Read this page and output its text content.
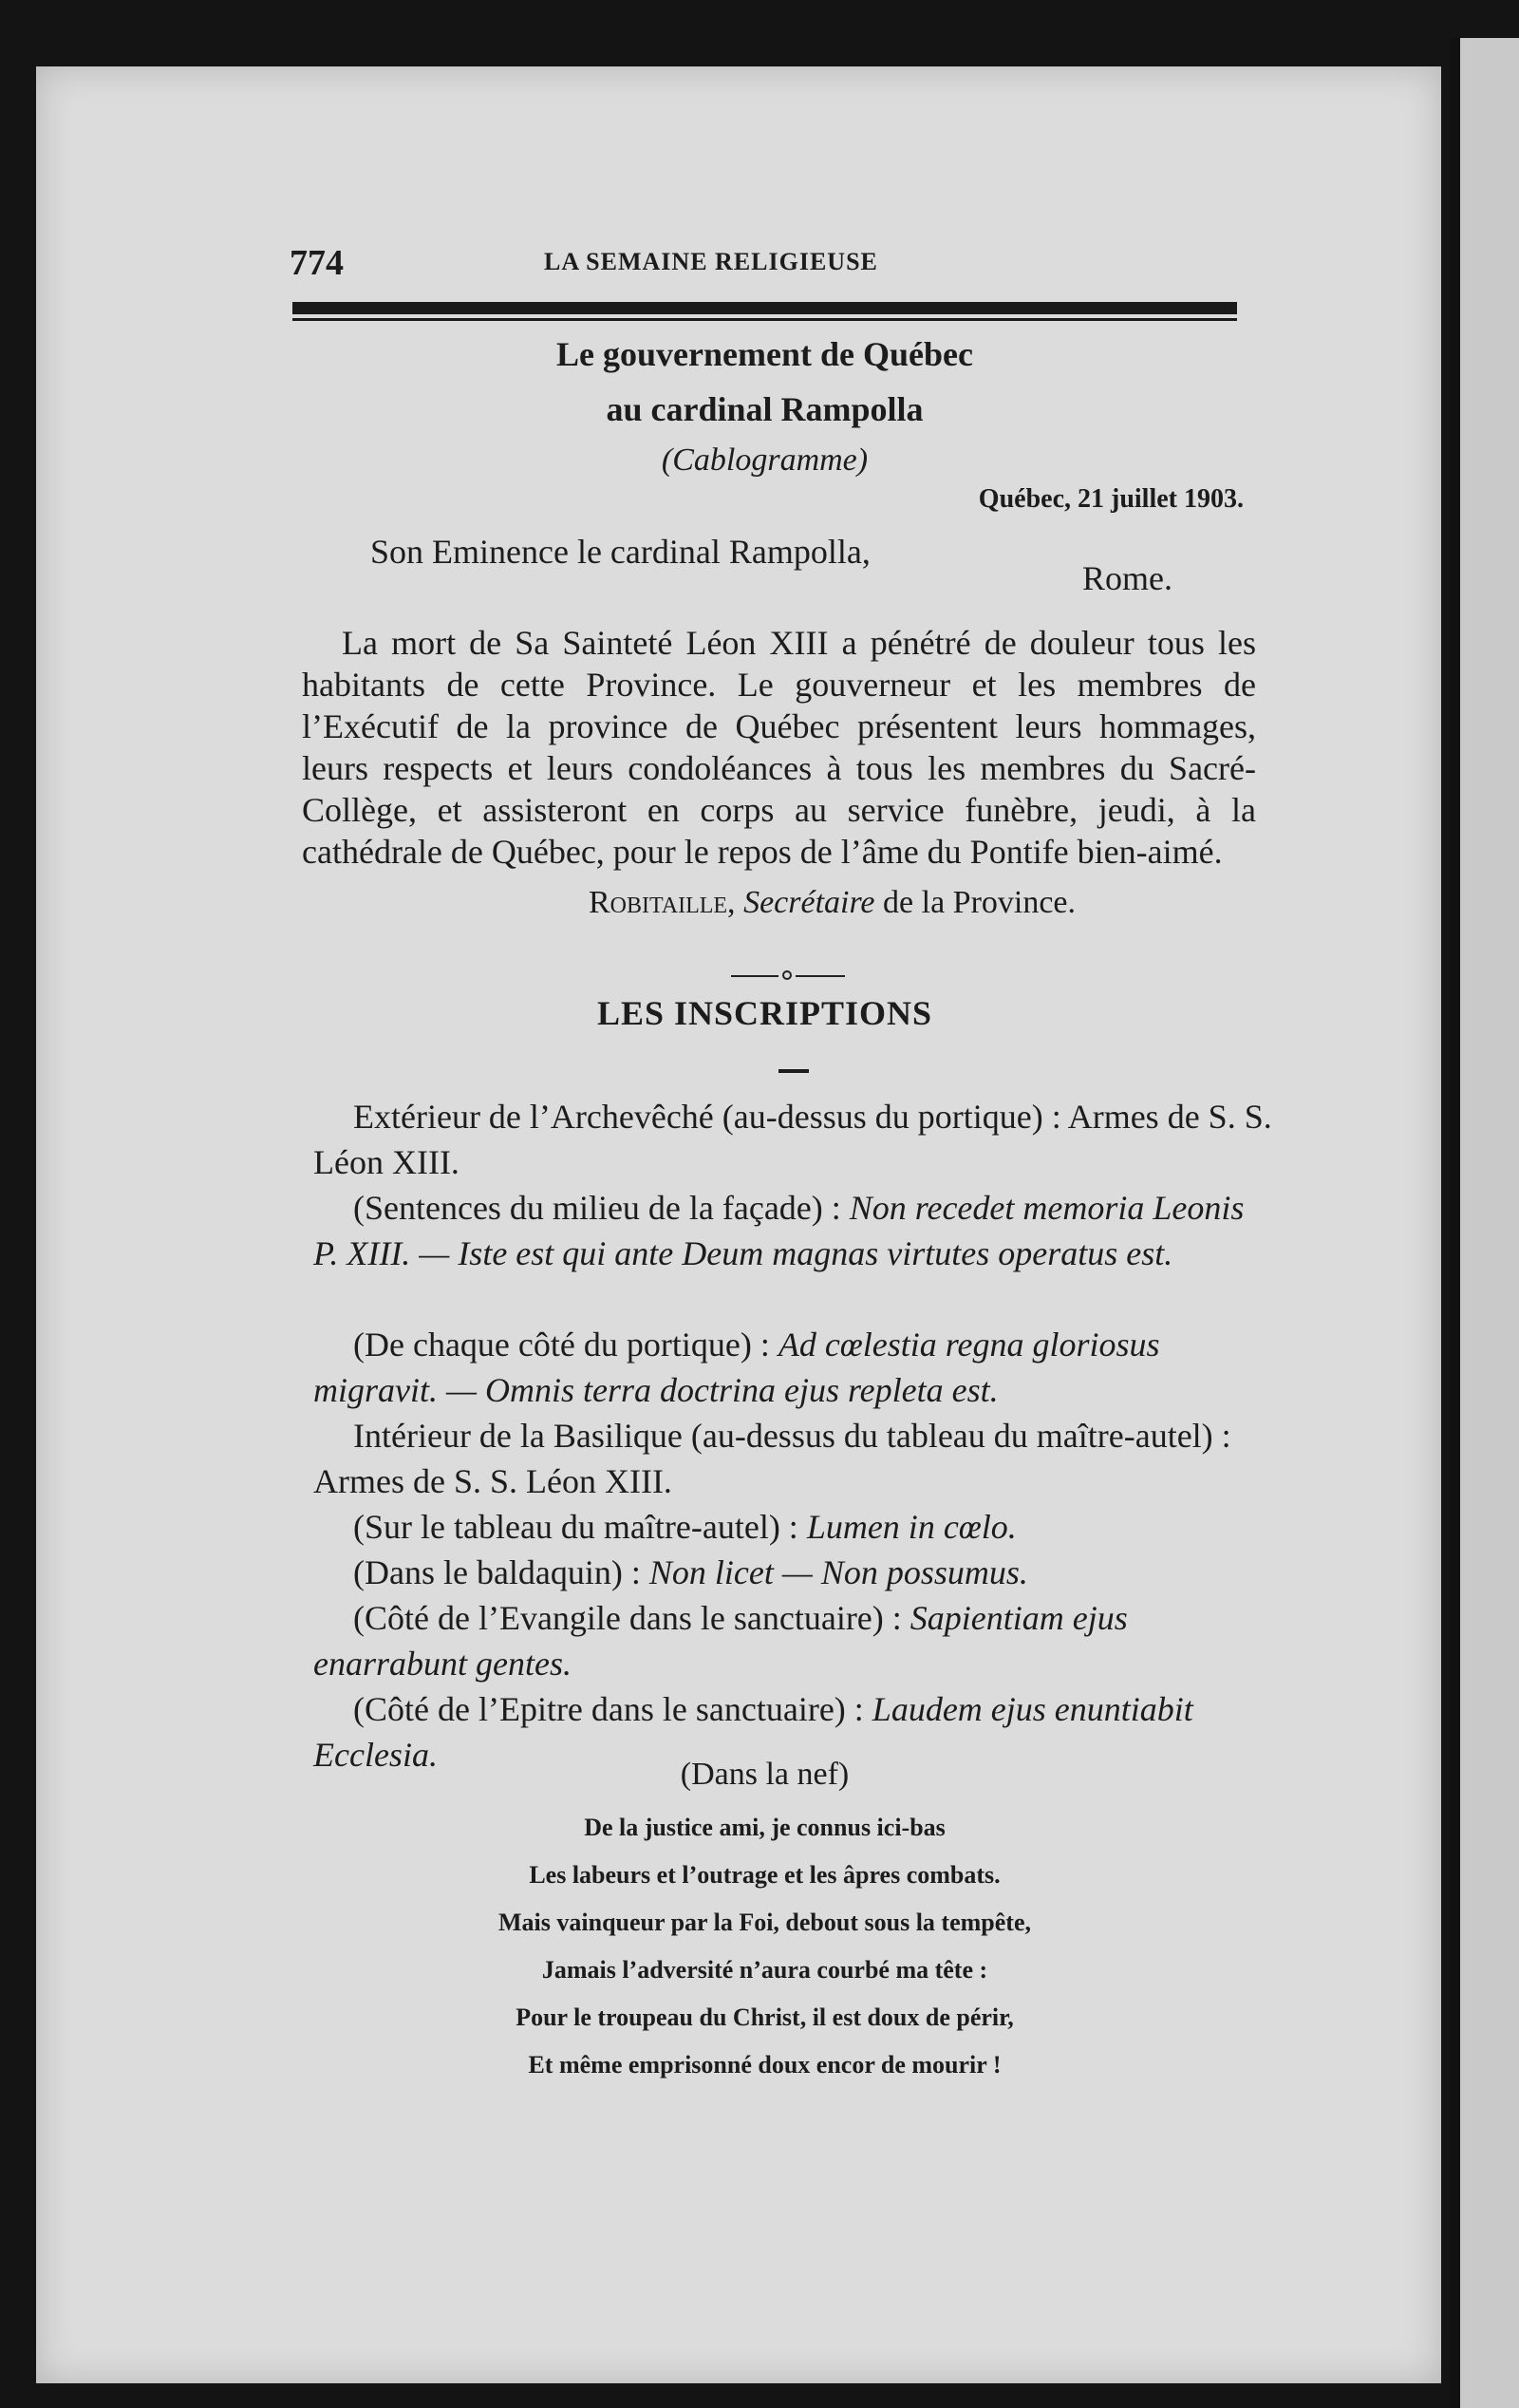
774	LA SEMAINE RELIGIEUSE
Le gouvernement de Québec
au cardinal Rampolla
(Cablogramme)
Québec, 21 juillet 1903.
Son Eminence le cardinal Rampolla,
Rome.
La mort de Sa Sainteté Léon XIII a pénétré de douleur tous les habitants de cette Province. Le gouverneur et les membres de l’Exécutif de la province de Québec présentent leurs hommages, leurs respects et leurs condoléances à tous les membres du Sacré-Collège, et assisteront en corps au service funèbre, jeudi, à la cathédrale de Québec, pour le repos de l’âme du Pontife bien-aimé.
Robitaille, Secrétaire de la Province.
LES INSCRIPTIONS
Extérieur de l’Archevêché (au-dessus du portique) : Armes de S. S. Léon XIII.
(Sentences du milieu de la façade) : Non recedet memoria Leonis P. XIII. — Iste est qui ante Deum magnas virtutes operatus est.
(De chaque côté du portique) : Ad cœlestia regna gloriosus migravit. — Omnis terra doctrina ejus repleta est.
Intérieur de la Basilique (au-dessus du tableau du maître-autel) : Armes de S. S. Léon XIII.
(Sur le tableau du maître-autel) : Lumen in cœlo.
(Dans le baldaquin) : Non licet — Non possumus.
(Côté de l’Evangile dans le sanctuaire) : Sapientiam ejus enarrabunt gentes.
(Côté de l’Epitre dans le sanctuaire) : Laudem ejus enuntiabit Ecclesia.
(Dans la nef)
De la justice ami, je connus ici-bas
Les labeurs et l’outrage et les âpres combats.
Mais vainqueur par la Foi, debout sous la tempête,
Jamais l’adversité n’aura courbé ma tête :
Pour le troupeau du Christ, il est doux de périr,
Et même emprisonné doux encor de mourir !
